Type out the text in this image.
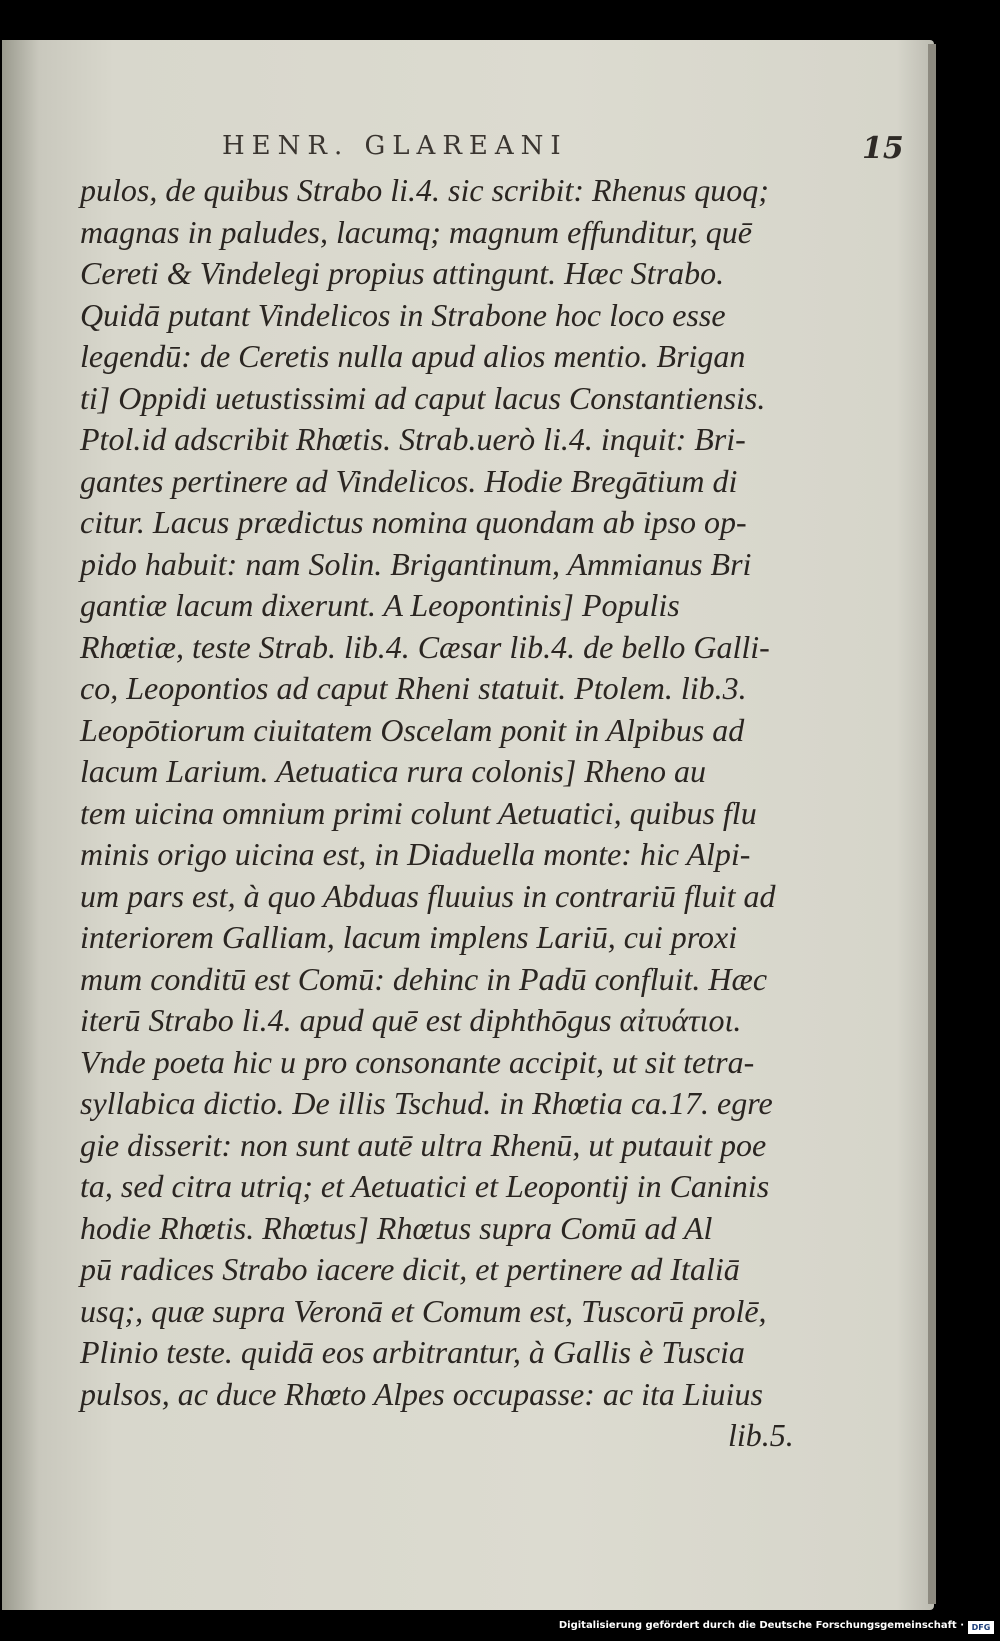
HENR. GLAREANI	15
pulos, de quibus Strabo li.4. sic scribit: Rhenus quoq;
magnas in paludes, lacumq; magnum effunditur, quē
Cereti & Vindelegi propius attingunt. Hæc Strabo.
Quidā putant Vindelicos in Strabone hoc loco esse
legendū: de Ceretis nulla apud alios mentio. Brigan
ti] Oppidi uetustissimi ad caput lacus Constantiensis.
Ptol.id adscribit Rhœtis. Strab.uerò li.4. inquit: Bri-
gantes pertinere ad Vindelicos. Hodie Bregātium di
citur. Lacus prædictus nomina quondam ab ipso op-
pido habuit: nam Solin. Brigantinum, Ammianus Bri
gantiæ lacum dixerunt. A Leopontinis] Populis
Rhœtiæ, teste Strab. lib.4. Cæsar lib.4. de bello Galli-
co, Leopontios ad caput Rheni statuit. Ptolem. lib.3.
Leopōtiorum ciuitatem Oscelam ponit in Alpibus ad
lacum Larium. Aetuatica rura colonis] Rheno au
tem uicina omnium primi colunt Aetuatici, quibus flu
minis origo uicina est, in Diaduella monte: hic Alpi-
um pars est, à quo Abduas fluuius in contrariū fluit ad
interiorem Galliam, lacum implens Lariū, cui proxi
mum conditū est Comū: dehinc in Padū confluit. Hæc
iterū Strabo li.4. apud quē est diphthōgus αἰτυάτιοι.
Vnde poeta hic u pro consonante accipit, ut sit tetra-
syllabica dictio. De illis Tschud. in Rhœtia ca.17. egre
gie disserit: non sunt autē ultra Rhenū, ut putauit poe
ta, sed citra utriq; et Aetuatici et Leopontij in Caninis
hodie Rhœtis. Rhœtus] Rhœtus supra Comū ad Al
pū radices Strabo iacere dicit, et pertinere ad Italiā
usq;, quæ supra Veronā et Comum est, Tuscorū prolē,
Plinio teste. quidā eos arbitrantur, à Gallis è Tuscia
pulsos, ac duce Rhœto Alpes occupasse: ac ita Liuius
lib.5.
Digitalisierung gefördert durch die Deutsche Forschungsgemeinschaft · DFG
